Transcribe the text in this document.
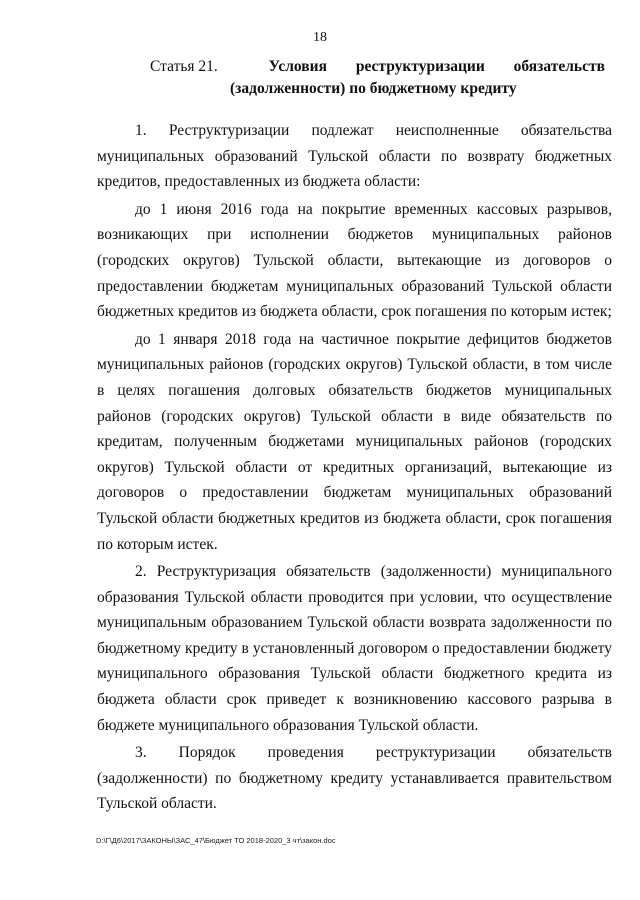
18
Статья 21.	Условия реструктуризации обязательств
(задолженности) по бюджетному кредиту

1. Реструктуризации подлежат неисполненные обязательства муниципальных образований Тульской области по возврату бюджетных кредитов, предоставленных из бюджета области:

до 1 июня 2016 года на покрытие временных кассовых разрывов, возникающих при исполнении бюджетов муниципальных районов (городских округов) Тульской области, вытекающие из договоров о предоставлении бюджетам муниципальных образований Тульской области бюджетных кредитов из бюджета области, срок погашения по которым истек;

до 1 января 2018 года на частичное покрытие дефицитов бюджетов муниципальных районов (городских округов) Тульской области, в том числе в целях погашения долговых обязательств бюджетов муниципальных районов (городских округов) Тульской области в виде обязательств по кредитам, полученным бюджетами муниципальных районов (городских округов) Тульской области от кредитных организаций, вытекающие из договоров о предоставлении бюджетам муниципальных образований Тульской области бюджетных кредитов из бюджета области, срок погашения по которым истек.

2. Реструктуризация обязательств (задолженности) муниципального образования Тульской области проводится при условии, что осуществление муниципальным образованием Тульской области возврата задолженности по бюджетному кредиту в установленный договором о предоставлении бюджету муниципального образования Тульской области бюджетного кредита из бюджета области срок приведет к возникновению кассового разрыва в бюджете муниципального образования Тульской области.

3. Порядок проведения реструктуризации обязательств (задолженности) по бюджетному кредиту устанавливается правительством Тульской области.

D:\Г\Д6\2017\ЗАКОНЫ\ЗАС_47\Бюджет ТО 2018-2020_3 чт\закон.doc
